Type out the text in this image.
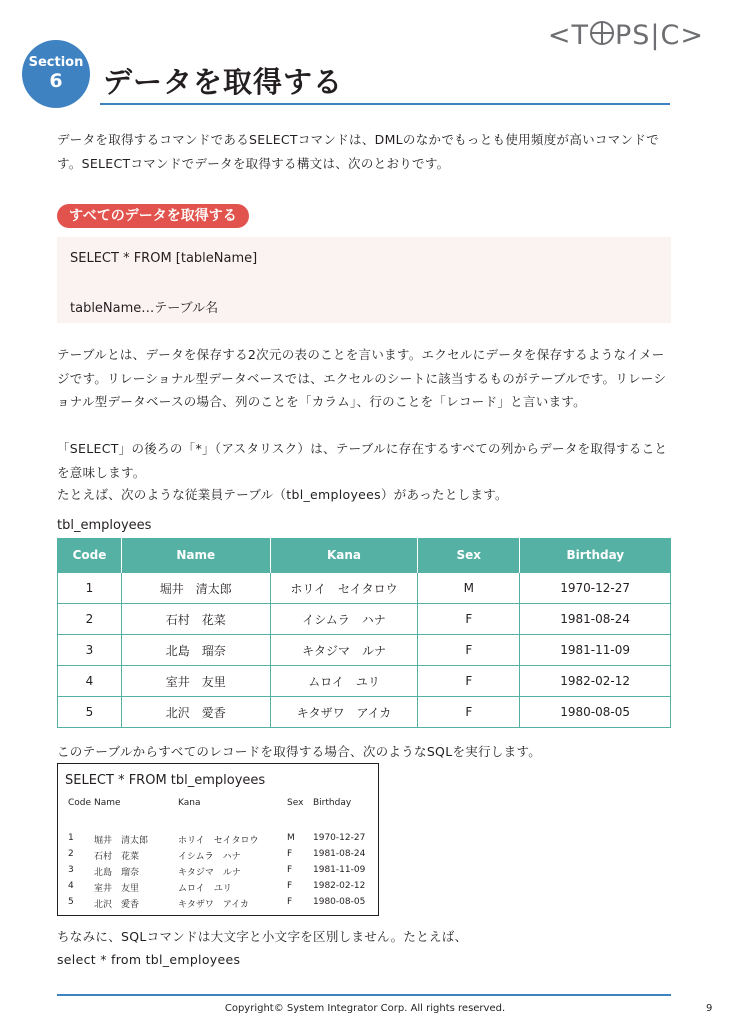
<T PS|C>
Section
6	データを取得する

データを取得するコマンドであるSELECTコマンドは、DMLのなかでもっとも使用頻度が高いコマンドです。SELECTコマンドでデータを取得する構文は、次のとおりです。

すべてのデータを取得する
SELECT * FROM [tableName]
tableName…テーブル名

テーブルとは、データを保存する2次元の表のことを言います。エクセルにデータを保存するようなイメージです。リレーショナル型データベースでは、エクセルのシートに該当するものがテーブルです。リレーショナル型データベースの場合、列のことを「カラム」、行のことを「レコード」と言います。

「SELECT」の後ろの「*」（アスタリスク）は、テーブルに存在するすべての列からデータを取得することを意味します。

たとえば、次のような従業員テーブル（tbl_employees）があったとします。

tbl_employees
Code	Name	Kana	Sex	Birthday
1	堀井　清太郎	ホリイ　セイタロウ	M	1970-12-27
2	石村　花菜	イシムラ　ハナ	F	1981-08-24
3	北島　瑠奈	キタジマ　ルナ	F	1981-11-09
4	室井　友里	ムロイ　ユリ	F	1982-02-12
5	北沢　愛香	キタザワ　アイカ	F	1980-08-05

このテーブルからすべてのレコードを取得する場合、次のようなSQLを実行します。

SELECT * FROM tbl_employees
Code Name	Kana	Sex Birthday
1 堀井　清太郎	ホリイ　セイタロウ	M 1970-12-27
2 石村　花菜	イシムラ　ハナ	F 1981-08-24
3 北島　瑠奈	キタジマ　ルナ	F 1981-11-09
4 室井　友里	ムロイ　ユリ	F 1982-02-12
5 北沢　愛香	キタザワ　アイカ	F 1980-08-05

ちなみに、SQLコマンドは大文字と小文字を区別しません。たとえば、

select * from tbl_employees

Copyright© System Integrator Corp. All rights reserved.	9
